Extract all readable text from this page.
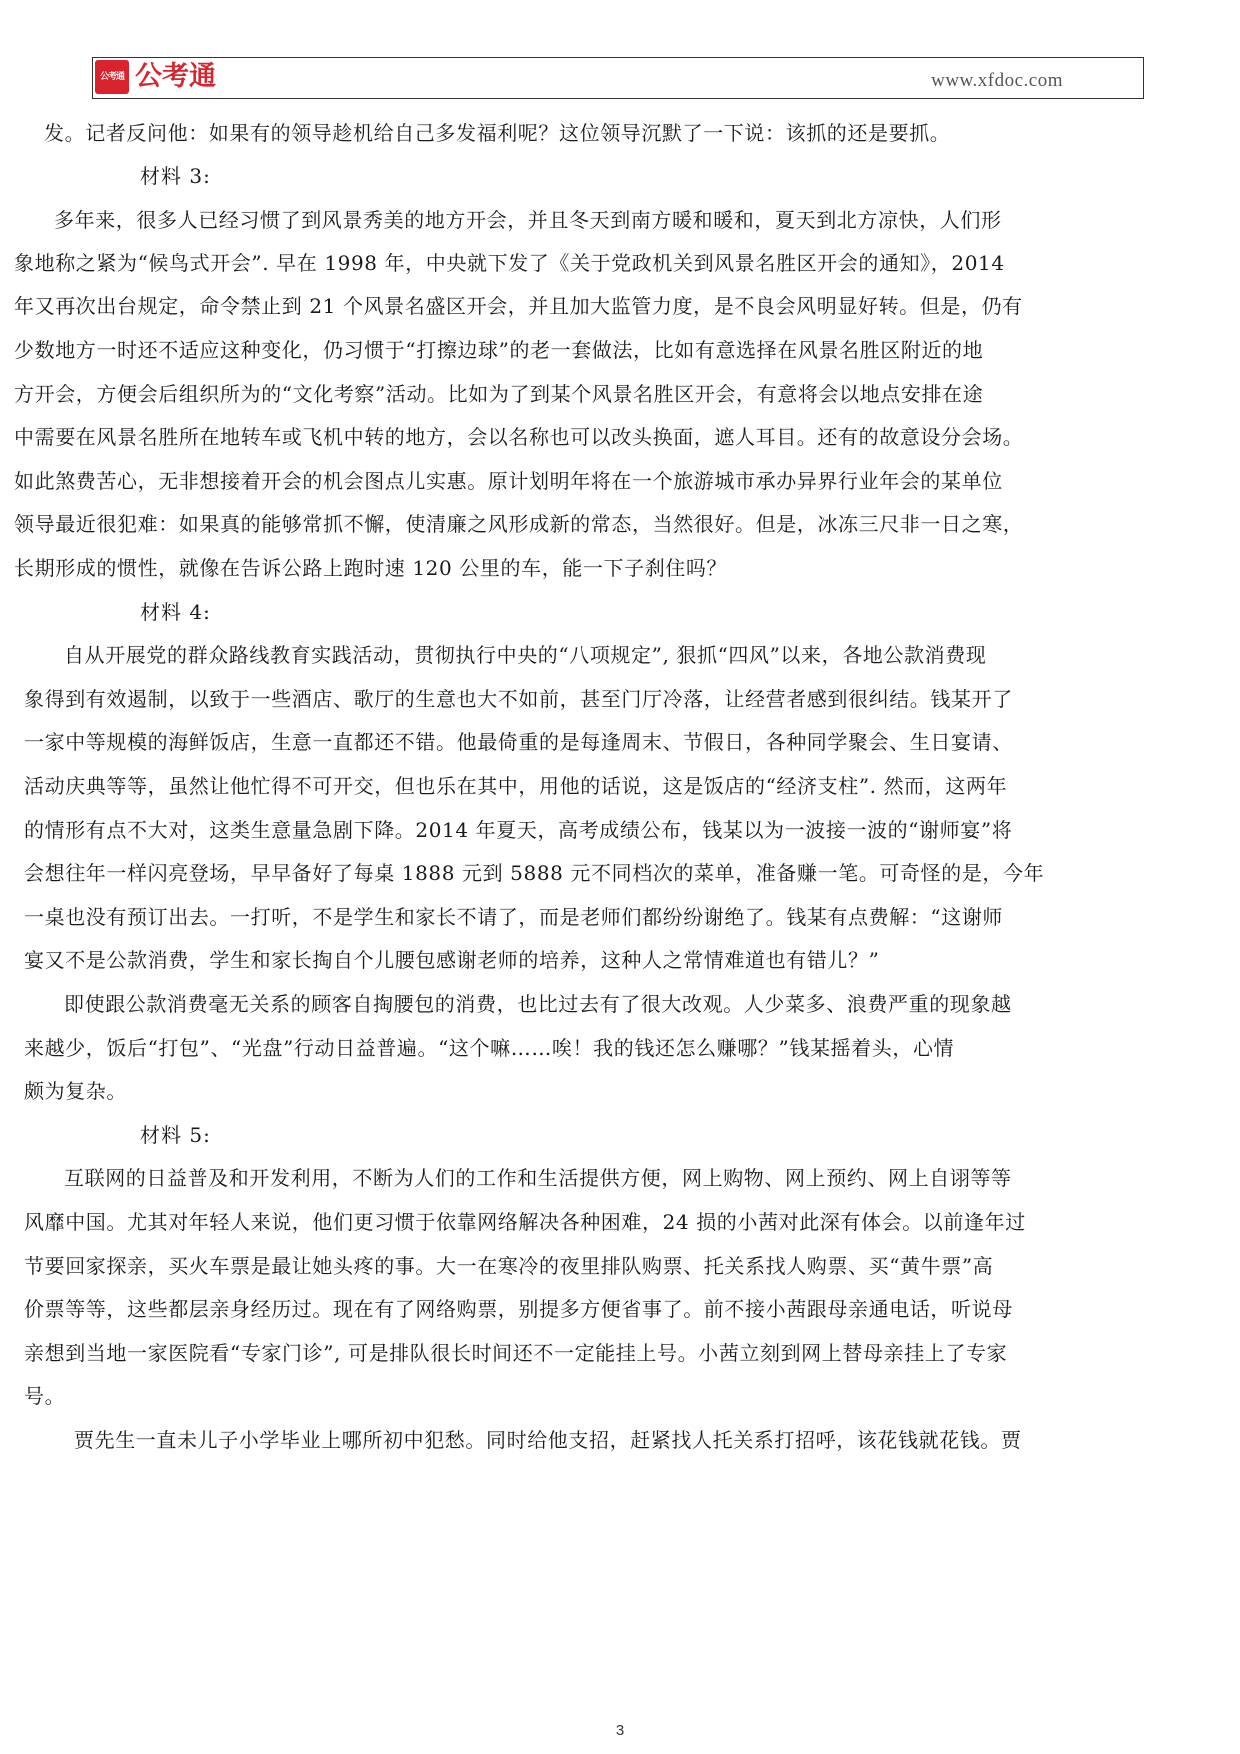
公考通 公考通	www.xfdoc.com
发。记者反问他：如果有的领导趁机给自己多发福利呢？这位领导沉默了一下说：该抓的还是要抓。
材料 3:
多年来，很多人已经习惯了到风景秀美的地方开会，并且冬天到南方暖和暖和，夏天到北方凉快，人们形
象地称之紧为“候鸟式开会”. 早在 1998 年，中央就下发了《关于党政机关到风景名胜区开会的通知》，2014
年又再次出台规定，命令禁止到 21 个风景名盛区开会，并且加大监管力度，是不良会风明显好转。但是，仍有
少数地方一时还不适应这种变化，仍习惯于“打擦边球”的老一套做法，比如有意选择在风景名胜区附近的地
方开会，方便会后组织所为的“文化考察”活动。比如为了到某个风景名胜区开会，有意将会以地点安排在途
中需要在风景名胜所在地转车或飞机中转的地方，会以名称也可以改头换面，遮人耳目。还有的故意设分会场。
如此煞费苦心，无非想接着开会的机会图点儿实惠。原计划明年将在一个旅游城市承办异界行业年会的某单位
领导最近很犯难：如果真的能够常抓不懈，使清廉之风形成新的常态，当然很好。但是，冰冻三尺非一日之寒，
长期形成的惯性，就像在告诉公路上跑时速 120 公里的车，能一下子刹住吗？
材料 4:
自从开展党的群众路线教育实践活动，贯彻执行中央的“八项规定”, 狠抓“四风”以来，各地公款消费现
象得到有效遏制，以致于一些酒店、歌厅的生意也大不如前，甚至门厅冷落，让经营者感到很纠结。钱某开了
一家中等规模的海鲜饭店，生意一直都还不错。他最倚重的是每逢周末、节假日，各种同学聚会、生日宴请、
活动庆典等等，虽然让他忙得不可开交，但也乐在其中，用他的话说，这是饭店的“经济支柱”. 然而，这两年
的情形有点不大对，这类生意量急剧下降。2014 年夏天，高考成绩公布，钱某以为一波接一波的“谢师宴”将
会想往年一样闪亮登场，早早备好了每桌 1888 元到 5888 元不同档次的菜单，准备赚一笔。可奇怪的是，今年
一桌也没有预订出去。一打听，不是学生和家长不请了，而是老师们都纷纷谢绝了。钱某有点费解：“这谢师
宴又不是公款消费，学生和家长掏自个儿腰包感谢老师的培养，这种人之常情难道也有错儿？”
即使跟公款消费毫无关系的顾客自掏腰包的消费，也比过去有了很大改观。人少菜多、浪费严重的现象越
来越少，饭后“打包”、“光盘”行动日益普遍。“这个嘛……唉！我的钱还怎么赚哪？”钱某摇着头，心情
颇为复杂。
材料 5:
互联网的日益普及和开发利用，不断为人们的工作和生活提供方便，网上购物、网上预约、网上自诩等等
风靡中国。尤其对年轻人来说，他们更习惯于依靠网络解决各种困难，24 损的小茜对此深有体会。以前逢年过
节要回家探亲，买火车票是最让她头疼的事。大一在寒冷的夜里排队购票、托关系找人购票、买“黄牛票”高
价票等等，这些都层亲身经历过。现在有了网络购票，别提多方便省事了。前不接小茜跟母亲通电话，听说母
亲想到当地一家医院看“专家门诊”, 可是排队很长时间还不一定能挂上号。小茜立刻到网上替母亲挂上了专家
号。
贾先生一直未儿子小学毕业上哪所初中犯愁。同时给他支招，赶紧找人托关系打招呼，该花钱就花钱。贾
3
